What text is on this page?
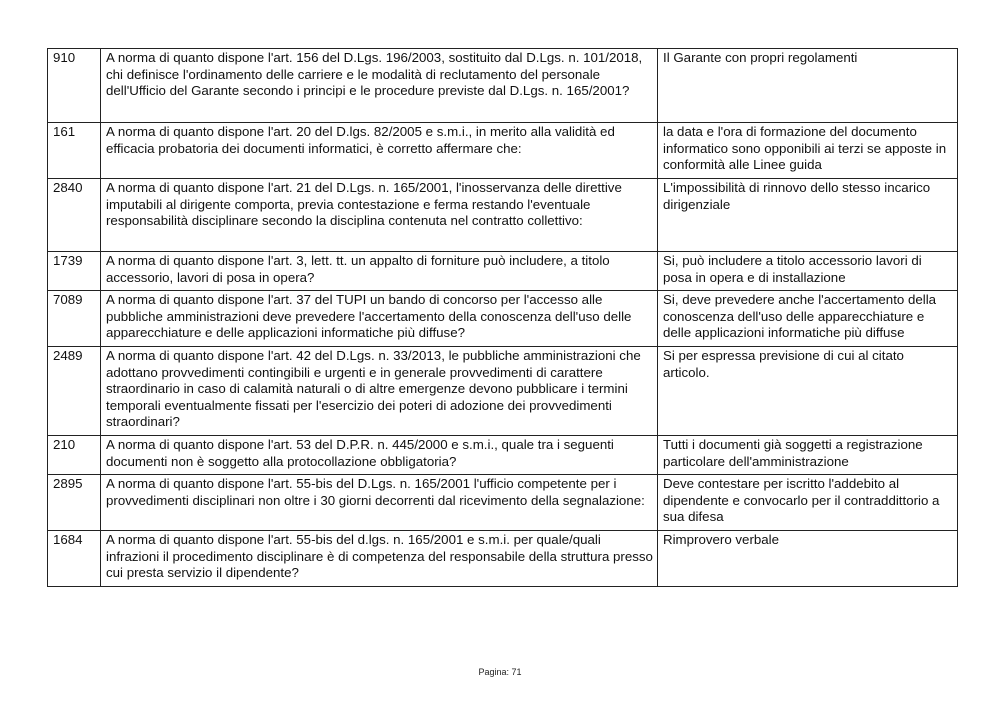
910	A norma di quanto dispone l'art. 156 del D.Lgs. 196/2003, sostituito dal D.Lgs. n. 101/2018, chi definisce l'ordinamento delle carriere e le modalità di reclutamento del personale dell'Ufficio del Garante secondo i principi e le procedure previste dal D.Lgs. n. 165/2001?	Il Garante con propri regolamenti
161	A norma di quanto dispone l'art. 20 del D.lgs. 82/2005 e s.m.i., in merito alla validità ed efficacia probatoria dei documenti informatici, è corretto affermare che:	la data e l'ora di formazione del documento informatico sono opponibili ai terzi se apposte in conformità alle Linee guida
2840	A norma di quanto dispone l'art. 21 del D.Lgs. n. 165/2001, l'inosservanza delle direttive imputabili al dirigente comporta, previa contestazione e ferma restando l'eventuale responsabilità disciplinare secondo la disciplina contenuta nel contratto collettivo:	L'impossibilità di rinnovo dello stesso incarico dirigenziale
1739	A norma di quanto dispone l'art. 3, lett. tt. un appalto di forniture può includere, a titolo accessorio, lavori di posa in opera?	Si, può includere a titolo accessorio lavori di posa in opera e di installazione
7089	A norma di quanto dispone l'art. 37 del TUPI un bando di concorso per l'accesso alle pubbliche amministrazioni deve prevedere l'accertamento della conoscenza dell'uso delle apparecchiature e delle applicazioni informatiche più diffuse?	Si, deve prevedere anche l'accertamento della conoscenza dell'uso delle apparecchiature e delle applicazioni informatiche più diffuse
2489	A norma di quanto dispone l'art. 42 del D.Lgs. n. 33/2013, le pubbliche amministrazioni che adottano provvedimenti contingibili e urgenti e in generale provvedimenti di carattere straordinario in caso di calamità naturali o di altre emergenze devono pubblicare i termini temporali eventualmente fissati per l'esercizio dei poteri di adozione dei provvedimenti straordinari?	Si per espressa previsione di cui al citato articolo.
210	A norma di quanto dispone l'art. 53 del D.P.R. n. 445/2000 e s.m.i., quale tra i seguenti documenti non è soggetto alla protocollazione obbligatoria?	Tutti i documenti già soggetti a registrazione particolare dell'amministrazione
2895	A norma di quanto dispone l'art. 55-bis del D.Lgs. n. 165/2001 l'ufficio competente per i provvedimenti disciplinari non oltre i 30 giorni decorrenti dal ricevimento della segnalazione:	Deve contestare per iscritto l'addebito al dipendente e convocarlo per il contraddittorio a sua difesa
1684	A norma di quanto dispone l'art. 55-bis del d.lgs. n. 165/2001 e s.m.i. per quale/quali infrazioni il procedimento disciplinare è di competenza del responsabile della struttura presso cui presta servizio il dipendente?	Rimprovero verbale
Pagina: 71
